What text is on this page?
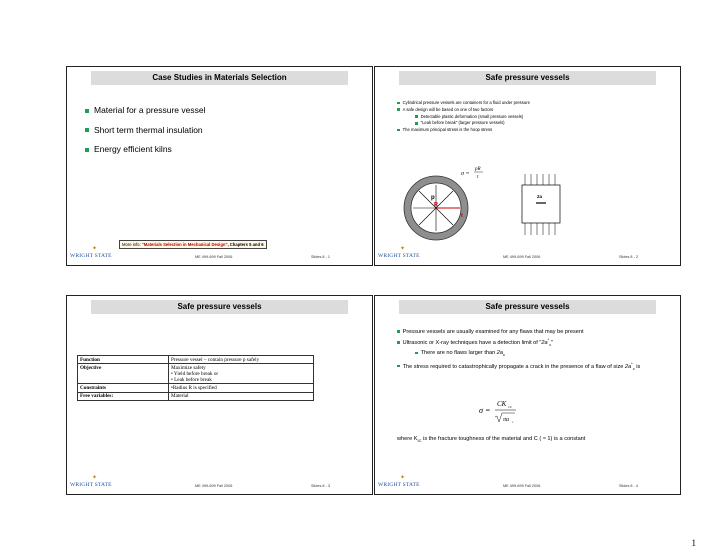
Case Studies in Materials Selection
Material for a pressure vessel
Short term thermal insulation
Energy efficient kilns
More info: "Materials Selection in Mechanical Design", Chapters 5 and 6
✦
WRIGHT STATE	ME 499-699 Fall 2006	Slides 8 - 1
Safe pressure vessels
Cylindrical pressure vessels are containers for a fluid under pressure
A safe design will be based on one of two factors
Detectable plastic deformation (small pressure vessels)
"Leak before break" (larger pressure vessels)
The maximum principal stress is the hoop stress
σ =
pR
t
p
R
t
2a
✦
WRIGHT STATE	ME 499-699 Fall 2006	Slides 8 - 2
Safe pressure vessels
Function	Pressure vessel – contain pressure p safely
Objective	Maximize safety
• Yield before break or
• Leak before break
Constraints	•Radius R is specified
Free variables:	Material
✦
WRIGHT STATE	ME 499-699 Fall 2006	Slides 8 - 3
Safe pressure vessels
Pressure vessels are usually examined for any flaws that may be present
Ultrasonic or X-ray techniques have a detection limit of "$2a^*_c$"
There are no flaws larger than $2a_c$
The stress required to catastrophically propagate a crack in the presence of a flaw of size $2a^*_c$ is
σ =
CK 1C
πa c
where $K_{IC}$ is the fracture toughness of the material and C ( ≈ 1) is a constant
✦
WRIGHT STATE	ME 499-699 Fall 2006	Slides 8 - 4
1
